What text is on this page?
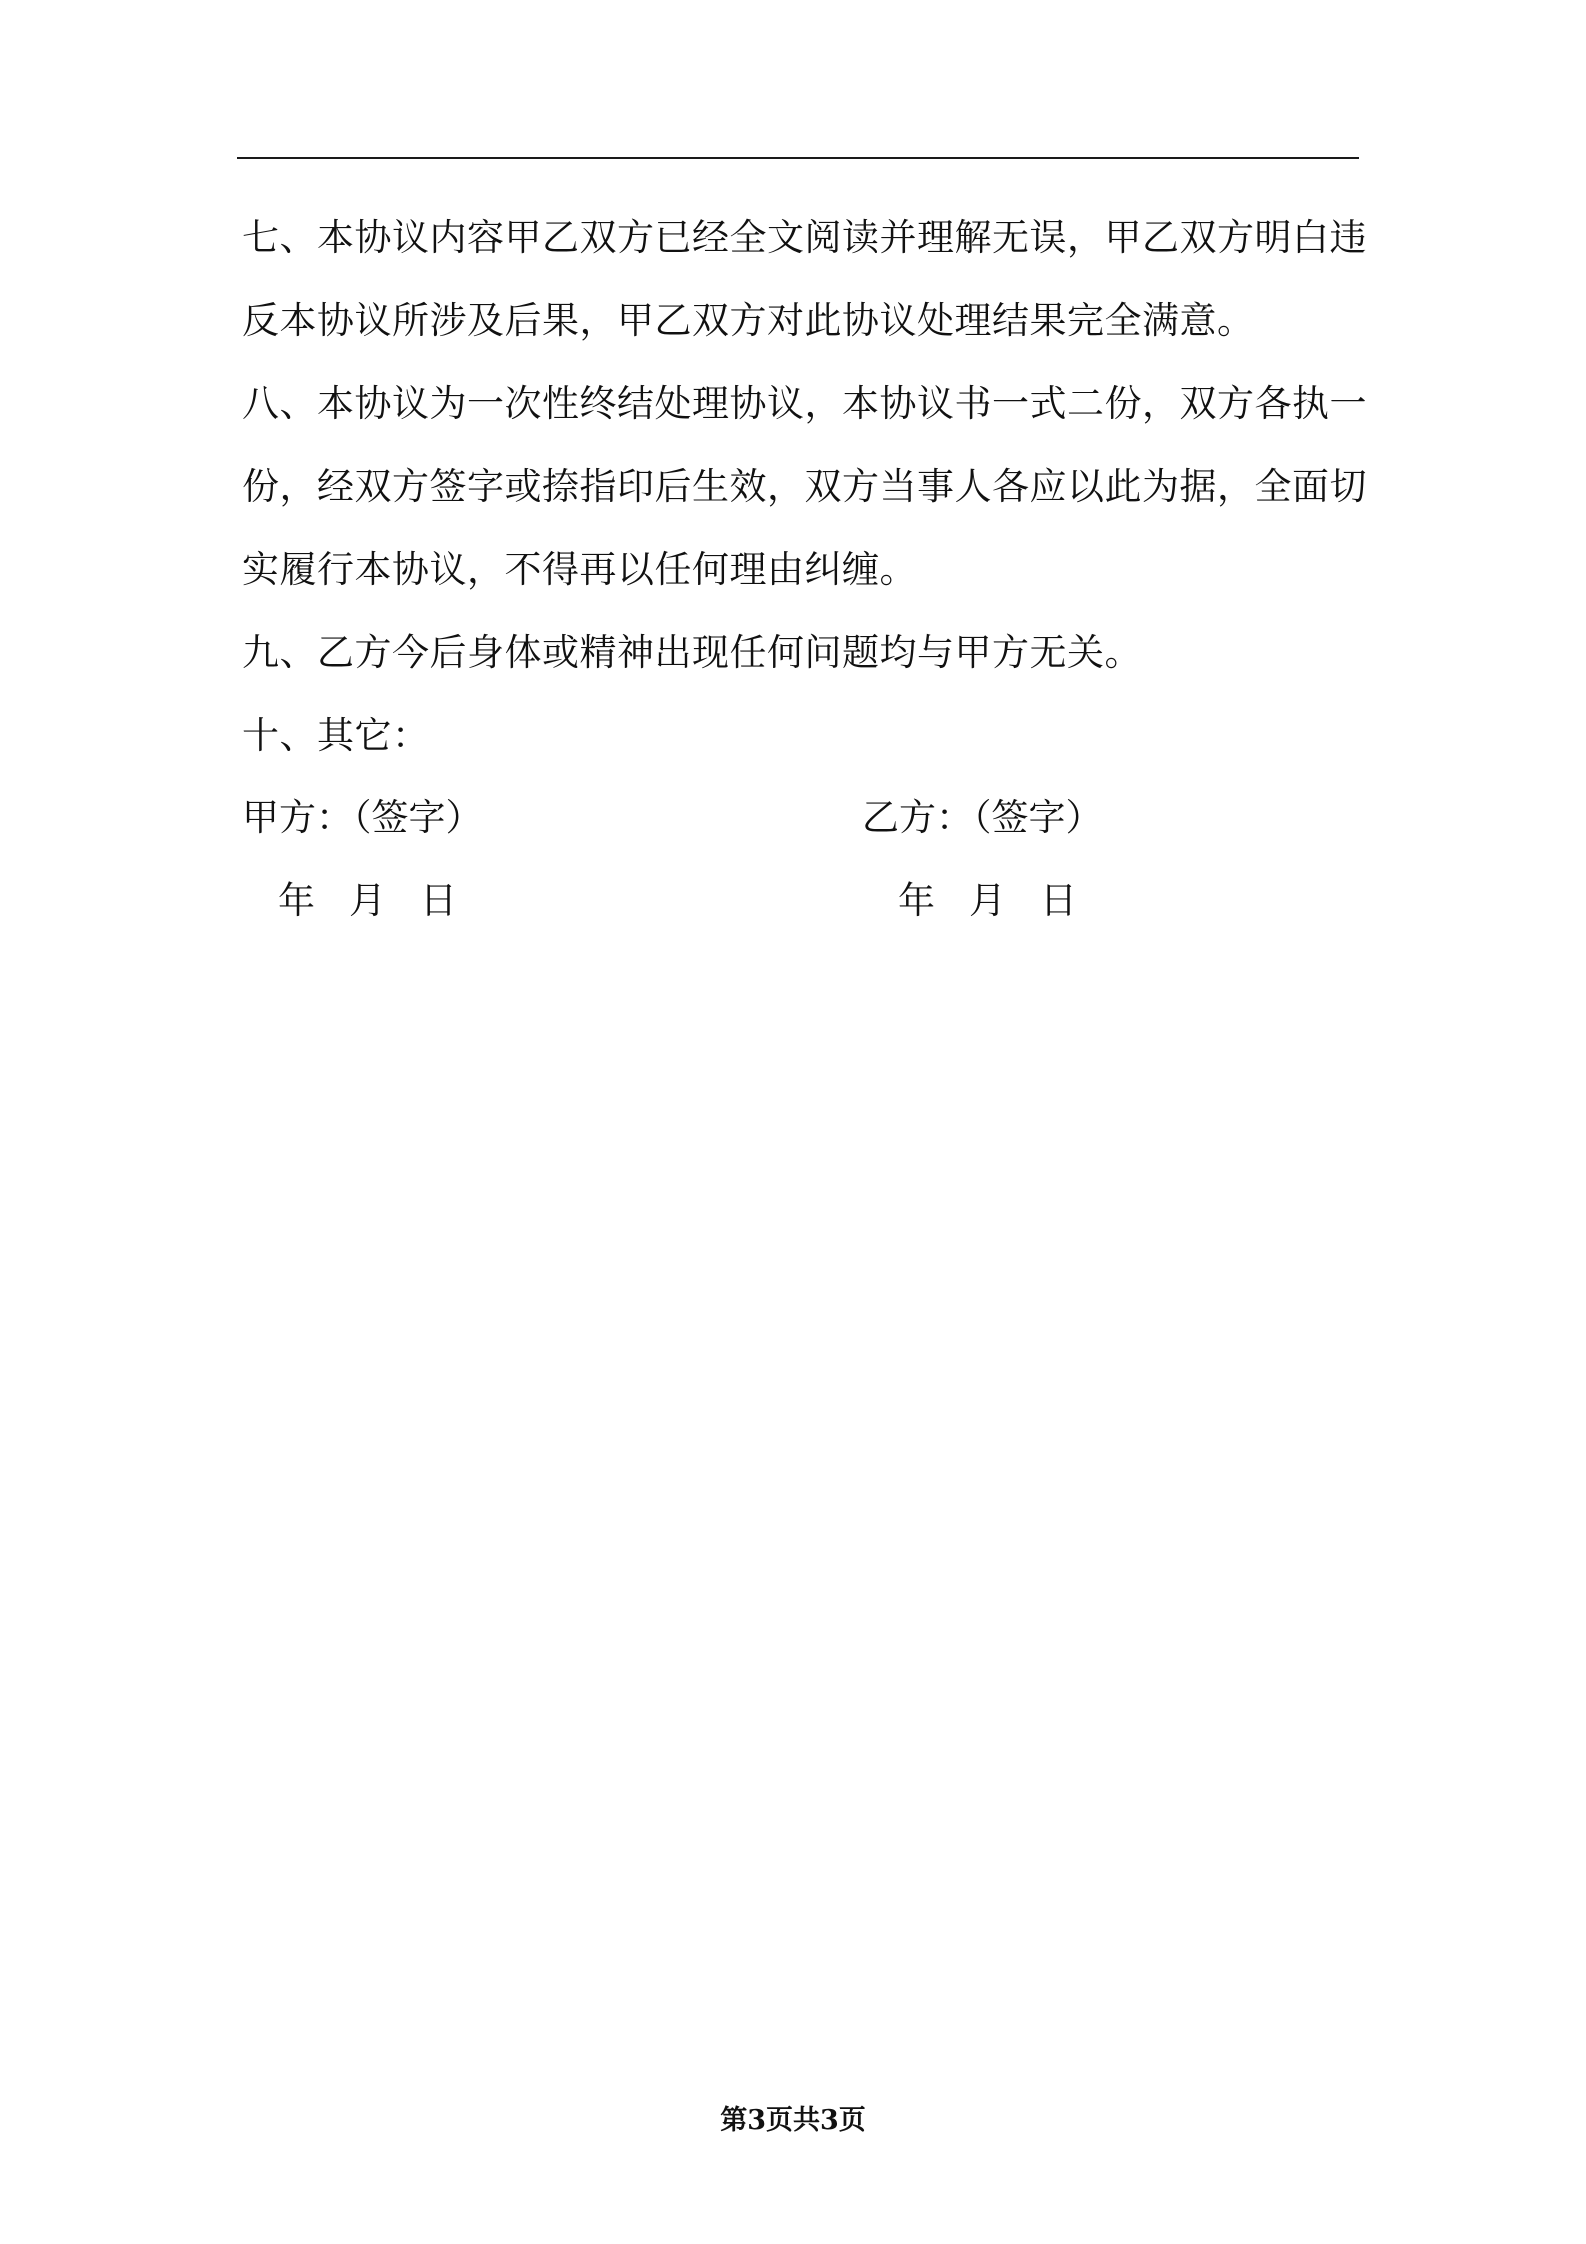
七、本协议内容甲乙双方已经全文阅读并理解无误，甲乙双方明白违
反本协议所涉及后果，甲乙双方对此协议处理结果完全满意。

八、本协议为一次性终结处理协议，本协议书一式二份，双方各执一
份，经双方签字或捺指印后生效，双方当事人各应以此为据，全面切
实履行本协议，不得再以任何理由纠缠。

九、乙方今后身体或精神出现任何问题均与甲方无关。

十、其它：

甲方：（签字）	乙方：（签字）
年 月 日	年 月 日
第3页共3页
